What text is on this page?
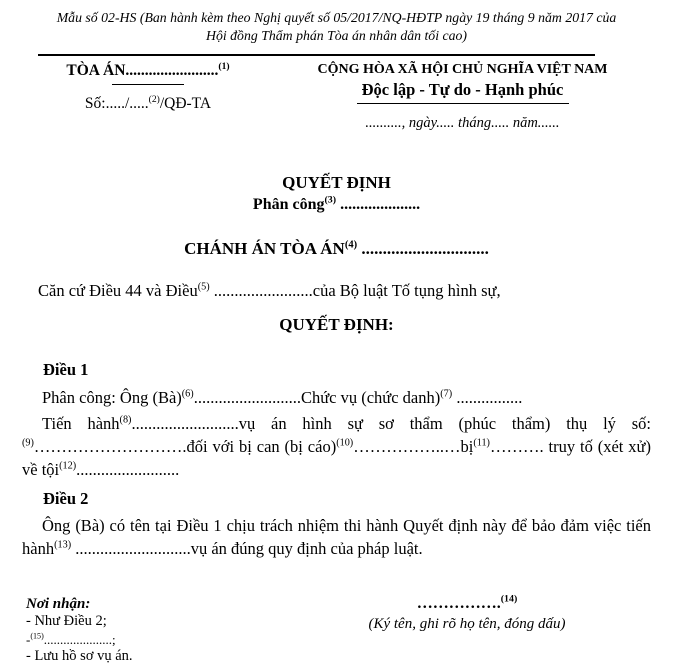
Mẫu số 02-HS (Ban hành kèm theo Nghị quyết số 05/2017/NQ-HĐTP ngày 19 tháng 9 năm 2017 của
Hội đồng Thẩm phán Tòa án nhân dân tối cao)
TÒA ÁN........................$^{(1)}$
Số:...../.....$^{(2)}$/QĐ-TA
CỘNG HÒA XÃ HỘI CHỦ NGHĨA VIỆT NAM
Độc lập - Tự do - Hạnh phúc
.........., ngày..... tháng..... năm......
QUYẾT ĐỊNH
Phân công$^{(3)}$ ....................
CHÁNH ÁN TÒA ÁN$^{(4)}$ ..............................
Căn cứ Điều 44 và Điều$^{(5)}$ ........................của Bộ luật Tố tụng hình sự,
QUYẾT ĐỊNH:
Điều 1
Phân công: Ông (Bà)$^{(6)}$..........................Chức vụ (chức danh)$^{(7)}$ ................
Tiến hành$^{(8)}$..........................vụ án hình sự sơ thẩm (phúc thẩm) thụ lý số:$^{(9)}$……………………….đối với bị can (bị cáo)$^{(10)}$……………..…bị$^{(11)}$………. truy tố (xét xử) về tội$^{(12)}$.........................
Điều 2
Ông (Bà) có tên tại Điều 1 chịu trách nhiệm thi hành Quyết định này để bảo đảm việc tiến hành$^{(13)}$ ............................vụ án đúng quy định của pháp luật.
Nơi nhận:
- Như Điều 2;
-$^{(15)}$.....................;
- Lưu hồ sơ vụ án.
…………….$^{(14)}$
(Ký tên, ghi rõ họ tên, đóng dấu)
